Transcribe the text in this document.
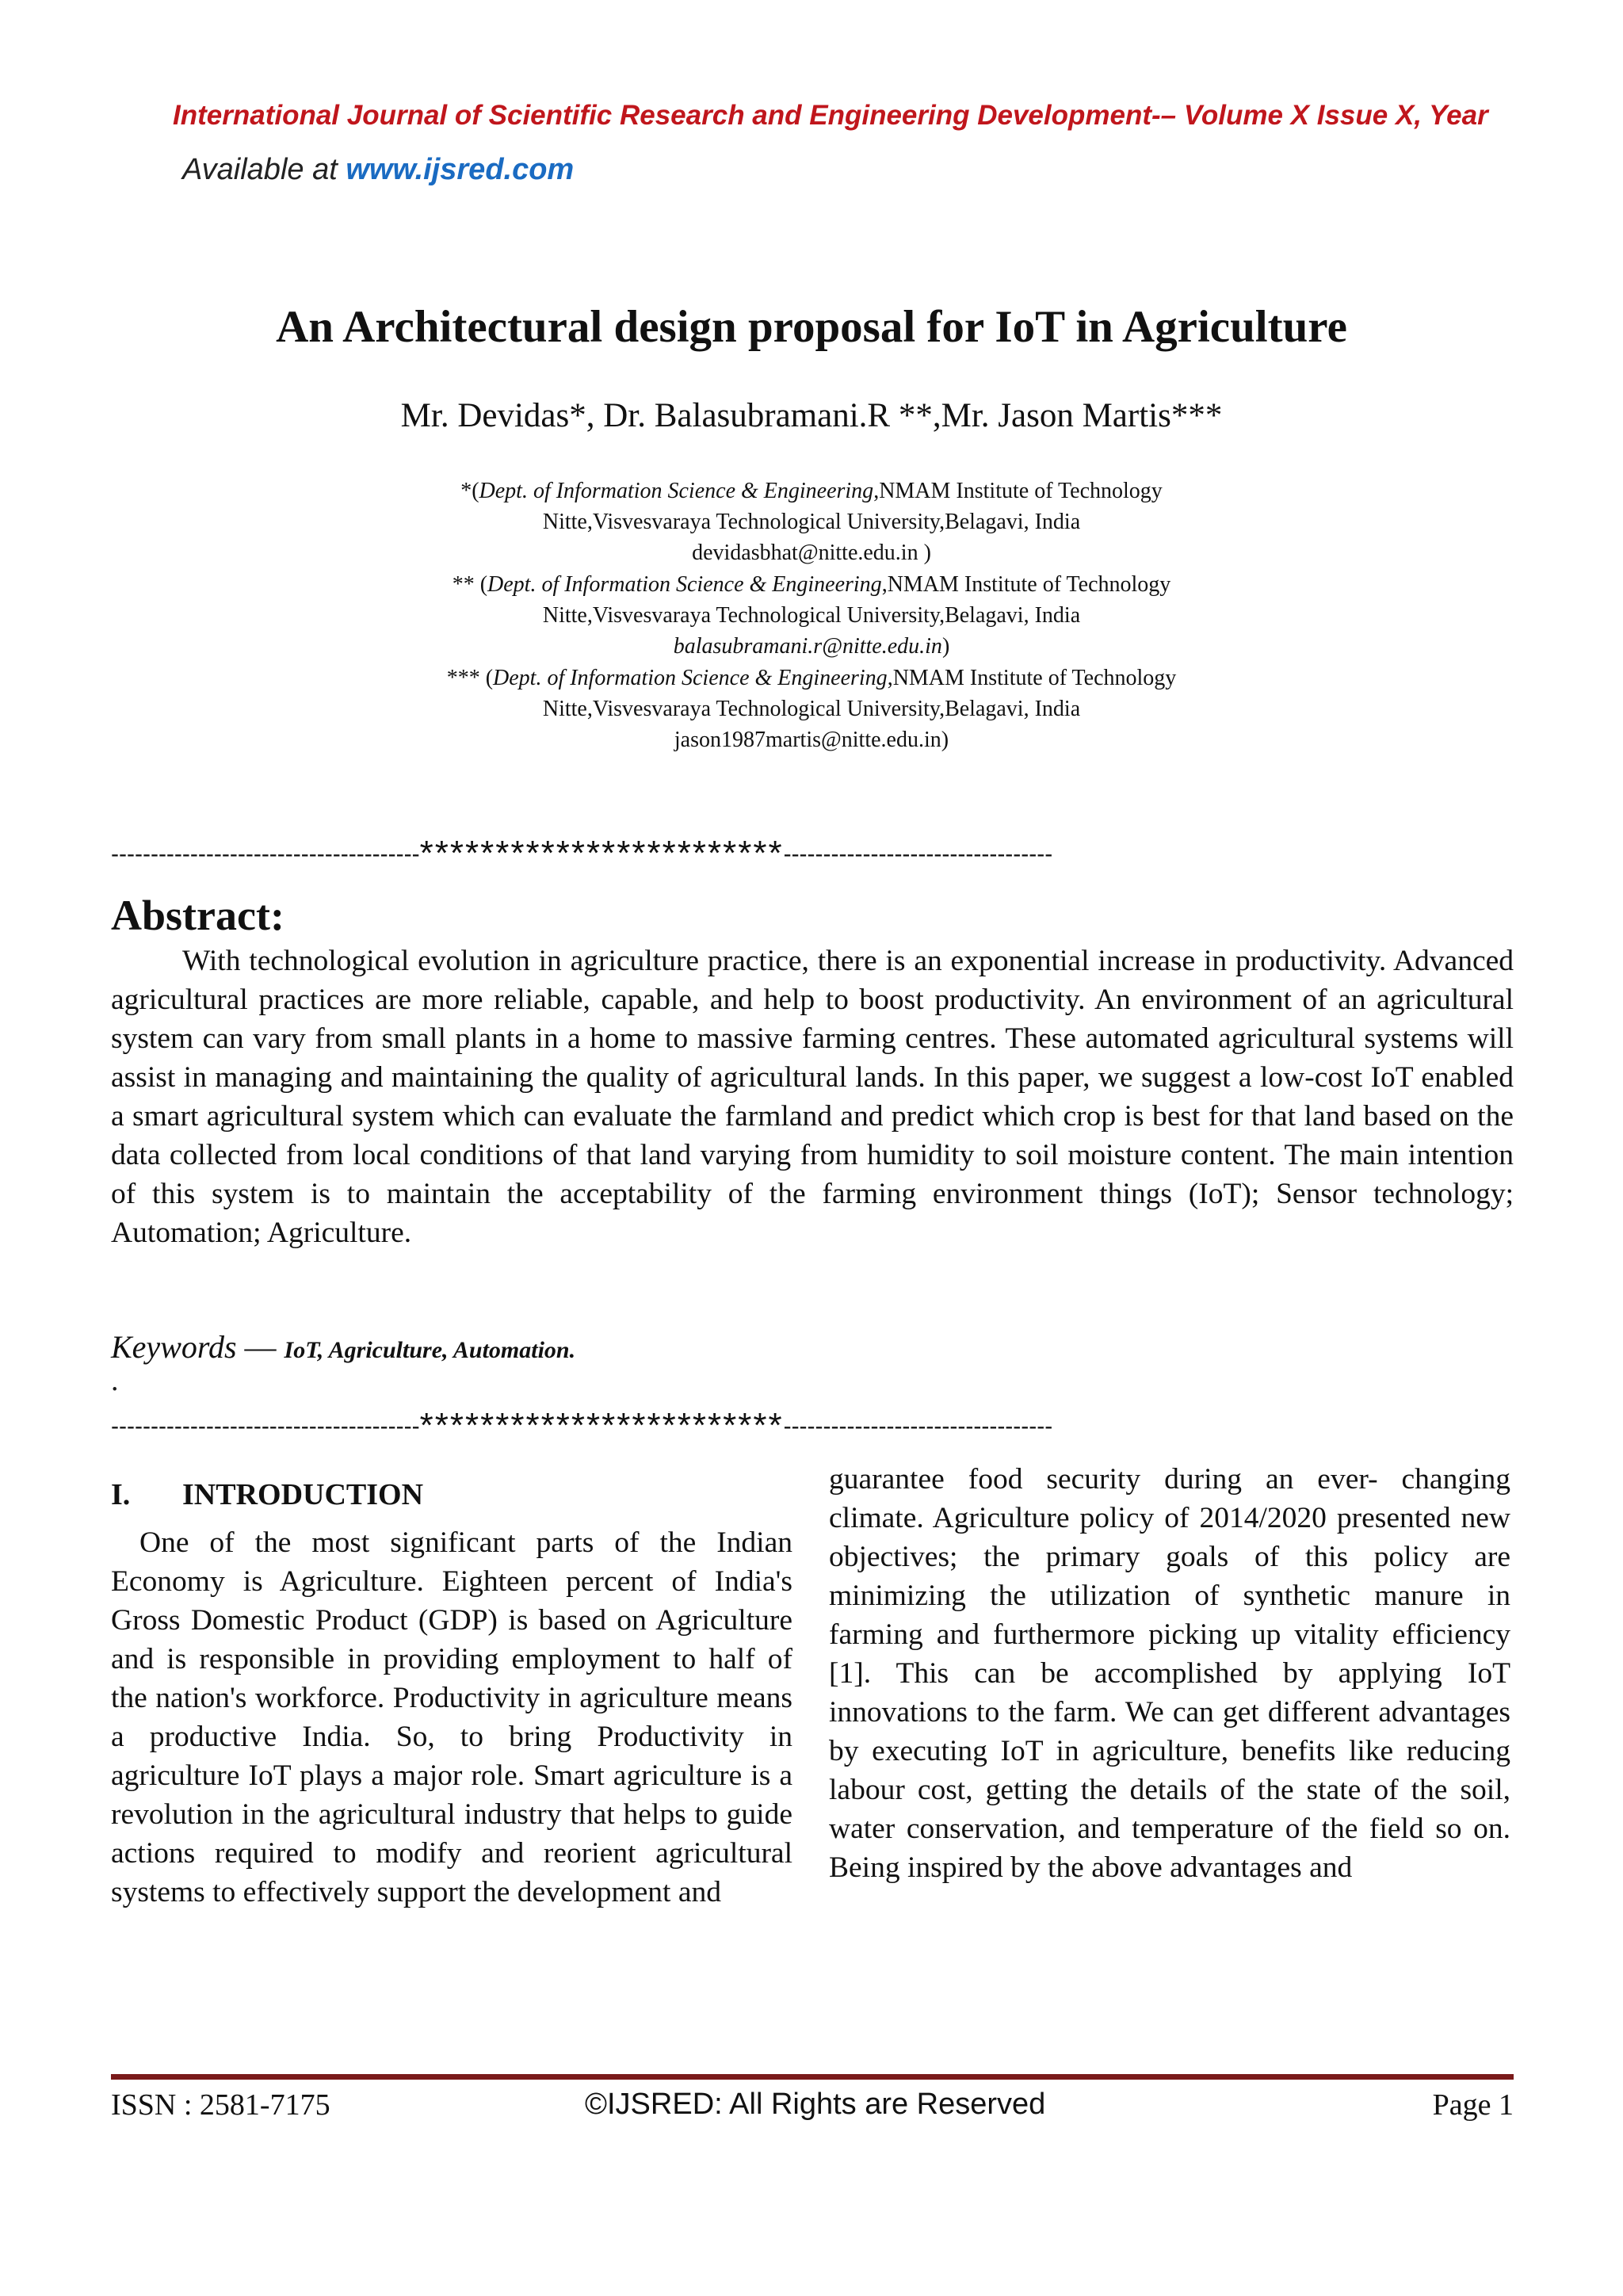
International Journal of Scientific Research and Engineering Development-– Volume X Issue X, Year
Available at www.ijsred.com
An Architectural design proposal for IoT in Agriculture
Mr. Devidas*, Dr. Balasubramani.R **,Mr. Jason Martis***
*(Dept. of Information Science & Engineering,NMAM Institute of Technology
Nitte,Visvesvaraya Technological University,Belagavi, India
devidasbhat@nitte.edu.in )
** (Dept. of Information Science & Engineering,NMAM Institute of Technology
Nitte,Visvesvaraya Technological University,Belagavi, India
balasubramani.r@nitte.edu.in)
*** (Dept. of Information Science & Engineering,NMAM Institute of Technology
Nitte,Visvesvaraya Technological University,Belagavi, India
jason1987martis@nitte.edu.in)
---------------------------------------************************----------------------------------
Abstract:
With technological evolution in agriculture practice, there is an exponential increase in productivity. Advanced agricultural practices are more reliable, capable, and help to boost productivity. An environment of an agricultural system can vary from small plants in a home to massive farming centres. These automated agricultural systems will assist in managing and maintaining the quality of agricultural lands. In this paper, we suggest a low-cost IoT enabled a smart agricultural system which can evaluate the farmland and predict which crop is best for that land based on the data collected from local conditions of that land varying from humidity to soil moisture content. The main intention of this system is to maintain the acceptability of the farming environment things (IoT); Sensor technology; Automation; Agriculture.
Keywords — IoT, Agriculture, Automation.
.
---------------------------------------************************----------------------------------
I. INTRODUCTION
One of the most significant parts of the Indian Economy is Agriculture. Eighteen percent of India's Gross Domestic Product (GDP) is based on Agriculture and is responsible in providing employment to half of the nation's workforce. Productivity in agriculture means a productive India. So, to bring Productivity in agriculture IoT plays a major role. Smart agriculture is a revolution in the agricultural industry that helps to guide actions required to modify and reorient agricultural systems to effectively support the development and
guarantee food security during an ever- changing climate. Agriculture policy of 2014/2020 presented new objectives; the primary goals of this policy are minimizing the utilization of synthetic manure in farming and furthermore picking up vitality efficiency [1]. This can be accomplished by applying IoT innovations to the farm. We can get different advantages by executing IoT in agriculture, benefits like reducing labour cost, getting the details of the state of the soil, water conservation, and temperature of the field so on. Being inspired by the above advantages and
ISSN : 2581-7175	©IJSRED: All Rights are Reserved	Page 1
